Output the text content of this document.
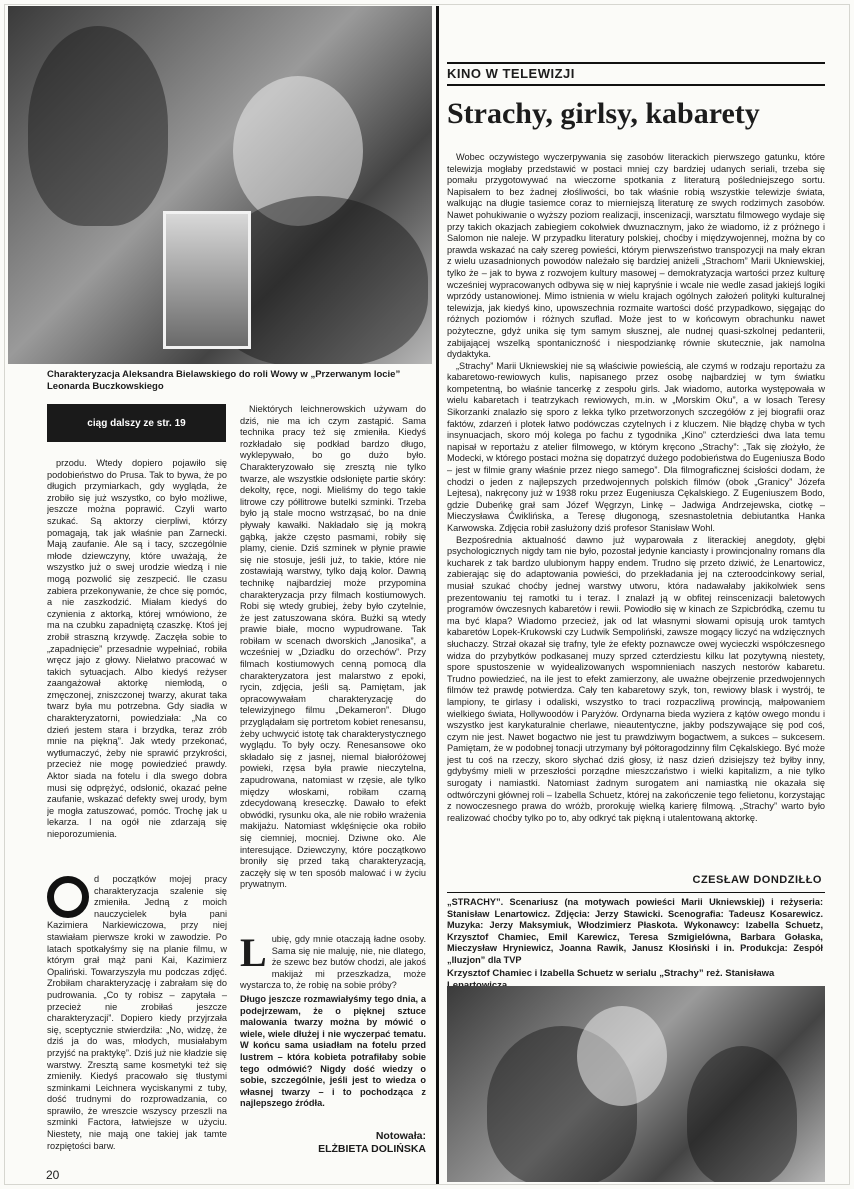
Charakteryzacja Aleksandra Bielawskiego do roli Wowy w „Przerwanym locie” Leonarda Buczkowskiego
ciąg dalszy ze str. 19

przodu. Wtedy dopiero pojawiło się podobieństwo do Prusa. Tak to bywa, że po długich przymiarkach, gdy wygląda, że zrobiło się już wszystko, co było możliwe, jeszcze można poprawić. Czyli warto szukać. Są aktorzy cierpliwi, którzy pomagają, tak jak właśnie pan Zarnecki. Mają zaufanie. Ale są i tacy, szczególnie młode dziewczyny, które uważają, że wszystko już o swej urodzie wiedzą i nie mogą pozwolić się zeszpecić. Ile czasu zabiera przekonywanie, że chce się pomóc, a nie zaszkodzić. Miałam kiedyś do czynienia z aktorką, której wmówiono, że ma na czubku zapadniętą czaszkę. Ktoś jej zrobił straszną krzywdę. Zaczęła sobie to „zapadnięcie” przesadnie wypełniać, robiła wręcz jajo z głowy. Niełatwo pracować w takich sytuacjach. Albo kiedyś reżyser zaangażował aktorkę niemłodą, o zmęczonej, zniszczonej twarzy, akurat taka twarz była mu potrzebna. Gdy siadła w charakteryzatorni, powiedziała: „Na co dzień jestem stara i brzydka, teraz zrób mnie na piękną”. Jak wtedy przekonać, wytłumaczyć, żeby nie sprawić przykrości, przecież nie mogę powiedzieć prawdy. Aktor siada na fotelu i dla swego dobra musi się odprężyć, odsłonić, okazać pełne zaufanie, wskazać defekty swej urody, bym je mogła zatuszować, pomóc. Trochę jak u lekarza. I na ogół nie zdarzają się nieporozumienia.

d początków mojej pracy charakteryzacja szalenie się zmieniła. Jedną z moich nauczycielek była pani Kazimiera Narkiewiczowa, przy niej stawiałam pierwsze kroki w zawodzie. Po latach spotkałyśmy się na planie filmu, w którym grał mąż pani Kai, Kazimierz Opaliński. Towarzyszyła mu podczas zdjęć. Zrobiłam charakteryzację i zabrałam się do pudrowania. „Co ty robisz – zapytała – przecież nie zrobiłaś jeszcze charakteryzacji”. Dopiero kiedy przyjrzała się, sceptycznie stwierdziła: „No, widzę, że dziś ja do was, młodych, musiałabym przyjść na praktykę”. Dziś już nie kładzie się warstwy. Zresztą same kosmetyki też się zmieniły. Kiedyś pracowało się tłustymi szminkami Leichnera wyciskanymi z tuby, dość trudnymi do rozprowadzania, co sprawiło, że wreszcie wszyscy przeszli na szminki Factora, łatwiejsze w użyciu. Niestety, nie mają one takiej jak tamte rozpiętości barw.

Niektórych leichnerowskich używam do dziś, nie ma ich czym zastąpić. Sama technika pracy też się zmieniła. Kiedyś rozkładało się podkład bardzo długo, wyklepywało, bo go dużo było. Charakteryzowało się zresztą nie tylko twarze, ale wszystkie odsłonięte partie skóry: dekolty, ręce, nogi. Mieliśmy do tego takie litrowe czy półlitrowe butelki szminki. Trzeba było ją stale mocno wstrząsać, bo na dnie pływały kawałki. Nakładało się ją mokrą gąbką, jakże często pasmami, robiły się plamy, cienie. Dziś szminek w płynie prawie się nie stosuje, jeśli już, to takie, które nie zostawiają warstwy, tylko dają kolor. Dawną technikę najbardziej może przypomina charakteryzacja przy filmach kostiumowych. Robi się wtedy grubiej, żeby było czytelnie, że jest zatuszowana skóra. Bużki są wtedy prawie białe, mocno wypudrowane. Tak robiłam w scenach dworskich „Janosika”, a wcześniej w „Dziadku do orzechów”. Przy filmach kostiumowych cenną pomocą dla charakteryzatora jest malarstwo z epoki, rycin, zdjęcia, jeśli są. Pamiętam, jak opracowywałam charakteryzację do telewizyjnego filmu „Dekameron”. Długo przyglądałam się portretom kobiet renesansu, żeby uchwycić istotę tak charakterystycznego wyglądu. To były oczy. Renesansowe oko składało się z jasnej, niemal białoróżowej powieki, rzęsa była prawie nieczytelna, zapudrowana, natomiast w rzęsie, ale tylko między włoskami, robiłam czarną zdecydowaną kreseczkę. Dawało to efekt obwódki, rysunku oka, ale nie robiło wrażenia makijażu. Natomiast wklęśnięcie oka robiło się ciemniej, mocniej. Dziwne oko. Ale interesujące. Dziewczyny, które początkowo broniły się przed taką charakteryzacją, zaczęły się w ten sposób malować i w życiu prywatnym.

L ubię, gdy mnie otaczają ładne osoby. Sama się nie maluję, nie, nie dlatego, że szewc bez butów chodzi, ale jakoś makijaż mi przeszkadza, może wystarcza to, że robię na sobie próby?
Długo jeszcze rozmawiałyśmy tego dnia, a podejrzewam, że o pięknej sztuce malowania twarzy można by mówić o wiele, wiele dłużej i nie wyczerpać tematu. W końcu sama usiadłam na fotelu przed lustrem – która kobieta potrafiłaby sobie tego odmówić? Nigdy dość wiedzy o sobie, szczególnie, jeśli jest to wiedza o własnej twarzy – i to pochodząca z najlepszego źródła.
Notowała:
ELŻBIETA DOLIŃSKA
20
KINO W TELEWIZJI
Strachy, girlsy, kabarety

Wobec oczywistego wyczerpywania się zasobów literackich pierwszego gatunku, które telewizja mogłaby przedstawić w postaci mniej czy bardziej udanych seriali, trzeba się pomału przygotowywać na wieczorne spotkania z literaturą pośledniejszego sortu. Napisałem to bez żadnej złośliwości, bo tak właśnie robią wszystkie telewizje świata, walkując na długie tasiemce coraz to mierniejszą literaturę ze swych rodzimych zasobów. Nawet pohukiwanie o wyższy poziom realizacji, inscenizacji, warsztatu filmowego wydaje się przy takich okazjach zabiegiem cokolwiek dwuznacznym, jako że wiadomo, iż z próżnego i Salomon nie naleje. W przypadku literatury polskiej, choćby i międzywojennej, można by co prawda wskazać na cały szereg powieści, którym pierwszeństwo transpozycji na mały ekran z wielu uzasadnionych powodów należało się bardziej aniżeli „Strachom” Marii Ukniewskiej, tylko że – jak to bywa z rozwojem kultury masowej – demokratyzacja wartości przez kulturę wcześniej wypracowanych odbywa się w niej kapryśnie i wcale nie wedle zasad jakiejś logiki wprzódy ustanowionej. Mimo istnienia w wielu krajach ogólnych założeń polityki kulturalnej telewizja, jak kiedyś kino, upowszechnia rozmaite wartości dość przypadkowo, sięgając do różnych poziomów i różnych szuflad. Może jest to w końcowym obrachunku nawet pożyteczne, gdyż unika się tym samym słusznej, ale nudnej quasi-szkolnej pedanterii, zabijającej wszelką spontaniczność i niespodziankę równie skutecznie, jak namolna dydaktyka.

„Strachy” Marii Ukniewskiej nie są właściwie powieścią, ale czymś w rodzaju reportażu za kabaretowo-rewiowych kulis, napisanego przez osobę najbardziej w tym światku kompetentną, bo właśnie tancerkę z zespołu girls. Jak wiadomo, autorka występowała w wielu kabaretach i teatrzykach rewiowych, m.in. w „Morskim Oku”, a w losach Teresy Sikorzanki znalazło się sporo z lekka tylko przetworzonych szczegółów z jej biografii oraz faktów, zdarzeń i plotek łatwo podówczas czytelnych i z kluczem. Nie błądzę chyba w tych insynuacjach, skoro mój kolega po fachu z tygodnika „Kino” czterdzieści dwa lata temu napisał w reportażu z atelier filmowego, w którym kręcono „Strachy”: „Tak się złożyło, że Modecki, w którego postaci można się dopatrzyć dużego podobieństwa do Eugeniusza Bodo – jest w filmie grany właśnie przez niego samego”. Dla filmograficznej ścisłości dodam, że chodzi o jeden z najlepszych przedwojennych polskich filmów (obok „Granicy” Józefa Lejtesa), nakręcony już w 1938 roku przez Eugeniusza Cękalskiego. Z Eugeniuszem Bodo, gdzie Dubeńkę grał sam Józef Węgrzyn, Linkę – Jadwiga Andrzejewska, ciotkę – Mieczysława Ćwiklińska, a Teresę długonogą, szesnastoletnia debiutantka Hanka Karwowska. Zdjęcia robił zasłużony dziś profesor Stanisław Wohl.

Bezpośrednia aktualność dawno już wyparowała z literackiej anegdoty, głębi psychologicznych nigdy tam nie było, pozostał jedynie kanciasty i prowincjonalny romans dla kucharek z tak bardzo ulubionym happy endem. Trudno się przeto dziwić, że Lenartowicz, zabierając się do adaptowania powieści, do przekładania jej na czteroodcinkowy serial, musiał szukać choćby jednej warstwy utworu, która nadawałaby jakikolwiek sens prezentowaniu tej ramotki tu i teraz. I znalazł ją w obfitej reinscenizacji baletowych programów ówczesnych kabaretów i rewii. Powiodło się w kinach ze Szpicbródką, czemu tu ma być klapa? Wiadomo przecież, jak od lat własnymi słowami opisują urok tamtych kabaretów Lopek-Krukowski czy Ludwik Sempoliński, zawsze mogący liczyć na wdzięcznych słuchaczy. Strzał okazał się trafny, tyle że efekty poznawcze owej wycieczki współczesnego widza do przybytków podkasanej muzy sprzed czterdziestu kilku lat pozytywną niestety, spore spustoszenie w wyidealizowanych wspomnieniach naszych nestorów kabaretu. Trudno powiedzieć, na ile jest to efekt zamierzony, ale uważne obejrzenie przedwojennych filmów też prawdę potwierdza. Cały ten kabaretowy szyk, ton, rewiowy blask i wystrój, te lampiony, te girlasy i odaliski, wszystko to traci rozpaczliwą prowincją, małpowaniem wielkiego świata, Hollywoodów i Paryżów. Ordynarna bieda wyziera z kątów owego mondu i wszystko jest karykaturalnie cherlawe, nieautentyczne, jakby podszywające się pod coś, czym nie jest. Nawet bogactwo nie jest tu prawdziwym bogactwem, a sukces – sukcesem. Pamiętam, że w podobnej tonacji utrzymany był półtoragodzinny film Cękalskiego. Być może jest tu coś na rzeczy, skoro słychać dziś głosy, iż nasz dzień dzisiejszy też byłby inny, gdybyśmy mieli w przeszłości porządne mieszczaństwo i wielki kapitalizm, a nie tylko surogaty i namiastki. Natomiast żadnym surogatem ani namiastką nie okazała się odtwórczyni głównej roli – Izabella Schuetz, której na zakończenie tego felietonu, korzystając z nowoczesnego prawa do wróżb, prorokuję wielką karierę filmową. „Strachy” warto było realizować choćby tylko po to, aby odkryć tak piękną i utalentowaną aktorkę.

CZESŁAW DONDZIŁŁO
„STRACHY”. Scenariusz (na motywach powieści Marii Ukniewskiej) i reżyseria: Stanisław Lenartowicz. Zdjęcia: Jerzy Stawicki. Scenografia: Tadeusz Kosarewicz. Muzyka: Jerzy Maksymiuk, Włodzimierz Płaskota. Wykonawcy: Izabella Schuetz, Krzysztof Chamiec, Emil Karewicz, Teresa Szmigielówna, Barbara Gołaska, Mieczysław Hryniewicz, Joanna Rawik, Janusz Kłosiński i in. Produkcja: Zespół „Iluzjon” dla TVP
Krzysztof Chamiec i Izabella Schuetz w serialu „Strachy” reż. Stanisława
